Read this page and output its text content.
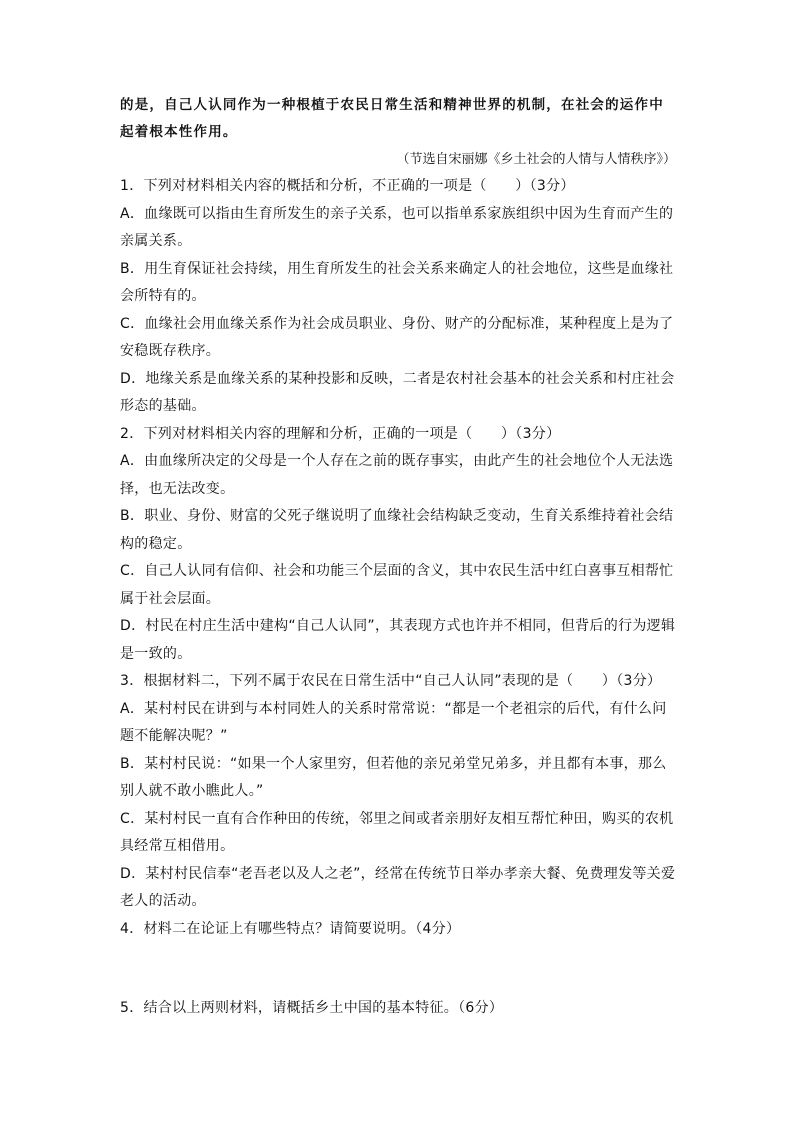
的是，自己人认同作为一种根植于农民日常生活和精神世界的机制，在社会的运作中起着根本性作用。

（节选自宋丽娜《乡土社会的人情与人情秩序》）

1．下列对材料相关内容的概括和分析，不正确的一项是（　　）（3分）

A．血缘既可以指由生育所发生的亲子关系，也可以指单系家族组织中因为生育而产生的亲属关系。

B．用生育保证社会持续，用生育所发生的社会关系来确定人的社会地位，这些是血缘社会所特有的。

C．血缘社会用血缘关系作为社会成员职业、身份、财产的分配标准，某种程度上是为了安稳既存秩序。

D．地缘关系是血缘关系的某种投影和反映，二者是农村社会基本的社会关系和村庄社会形态的基础。

2．下列对材料相关内容的理解和分析，正确的一项是（　　）（3分）

A．由血缘所决定的父母是一个人存在之前的既存事实，由此产生的社会地位个人无法选择，也无法改变。

B．职业、身份、财富的父死子继说明了血缘社会结构缺乏变动，生育关系维持着社会结构的稳定。

C．自己人认同有信仰、社会和功能三个层面的含义，其中农民生活中红白喜事互相帮忙属于社会层面。

D．村民在村庄生活中建构“自己人认同”，其表现方式也许并不相同，但背后的行为逻辑是一致的。

3．根据材料二，下列不属于农民在日常生活中“自己人认同”表现的是（　　）（3分）

A．某村村民在讲到与本村同姓人的关系时常常说：“都是一个老祖宗的后代，有什么问题不能解决呢？”

B．某村村民说：“如果一个人家里穷，但若他的亲兄弟堂兄弟多，并且都有本事，那么别人就不敢小瞧此人。”

C．某村村民一直有合作种田的传统，邻里之间或者亲朋好友相互帮忙种田，购买的农机具经常互相借用。

D．某村村民信奉“老吾老以及人之老”，经常在传统节日举办孝亲大餐、免费理发等关爱老人的活动。

4．材料二在论证上有哪些特点？请简要说明。（4分）

5．结合以上两则材料，请概括乡土中国的基本特征。（6分）
